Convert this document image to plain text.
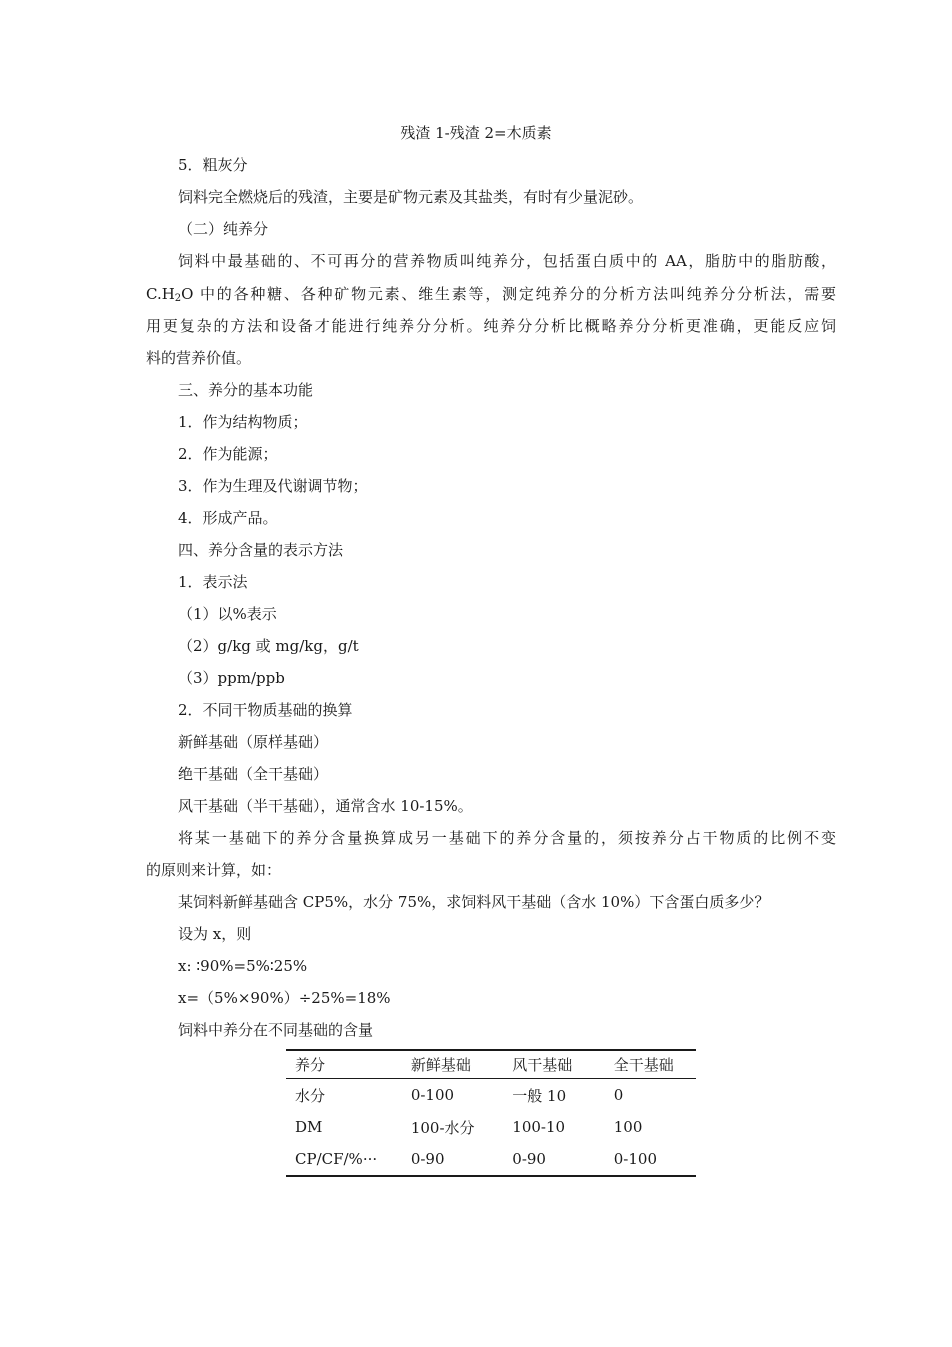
残渣 1-残渣 2=木质素
5．粗灰分
饲料完全燃烧后的残渣，主要是矿物元素及其盐类，有时有少量泥砂。
（二）纯养分
饲料中最基础的、不可再分的营养物质叫纯养分，包括蛋白质中的 AA，脂肪中的脂肪酸，
$C.H_2O$ 中的各种糖、各种矿物元素、维生素等，测定纯养分的分析方法叫纯养分分析法，需要
用更复杂的方法和设备才能进行纯养分分析。纯养分分析比概略养分分析更准确，更能反应饲
料的营养价值。
三、养分的基本功能
1．作为结构物质；
2．作为能源；
3．作为生理及代谢调节物；
4．形成产品。
四、养分含量的表示方法
1．表示法
（1）以%表示
（2）g/kg 或 mg/kg，g/t
（3）ppm/ppb
2．不同干物质基础的换算
新鲜基础（原样基础）
绝干基础（全干基础）
风干基础（半干基础），通常含水 10-15%。
将某一基础下的养分含量换算成另一基础下的养分含量的，须按养分占干物质的比例不变
的原则来计算，如：
某饲料新鲜基础含 CP5%，水分 75%，求饲料风干基础（含水 10%）下含蛋白质多少？
设为 x，则
x: ∶90%=5%∶25%
x=（5%×90%）÷25%=18%
饲料中养分在不同基础的含量
养分	新鲜基础	风干基础	全干基础
水分	0-100	一般 10	0
DM	100-水分	100-10	100
CP/CF/%···	0-90	0-90	0-100
